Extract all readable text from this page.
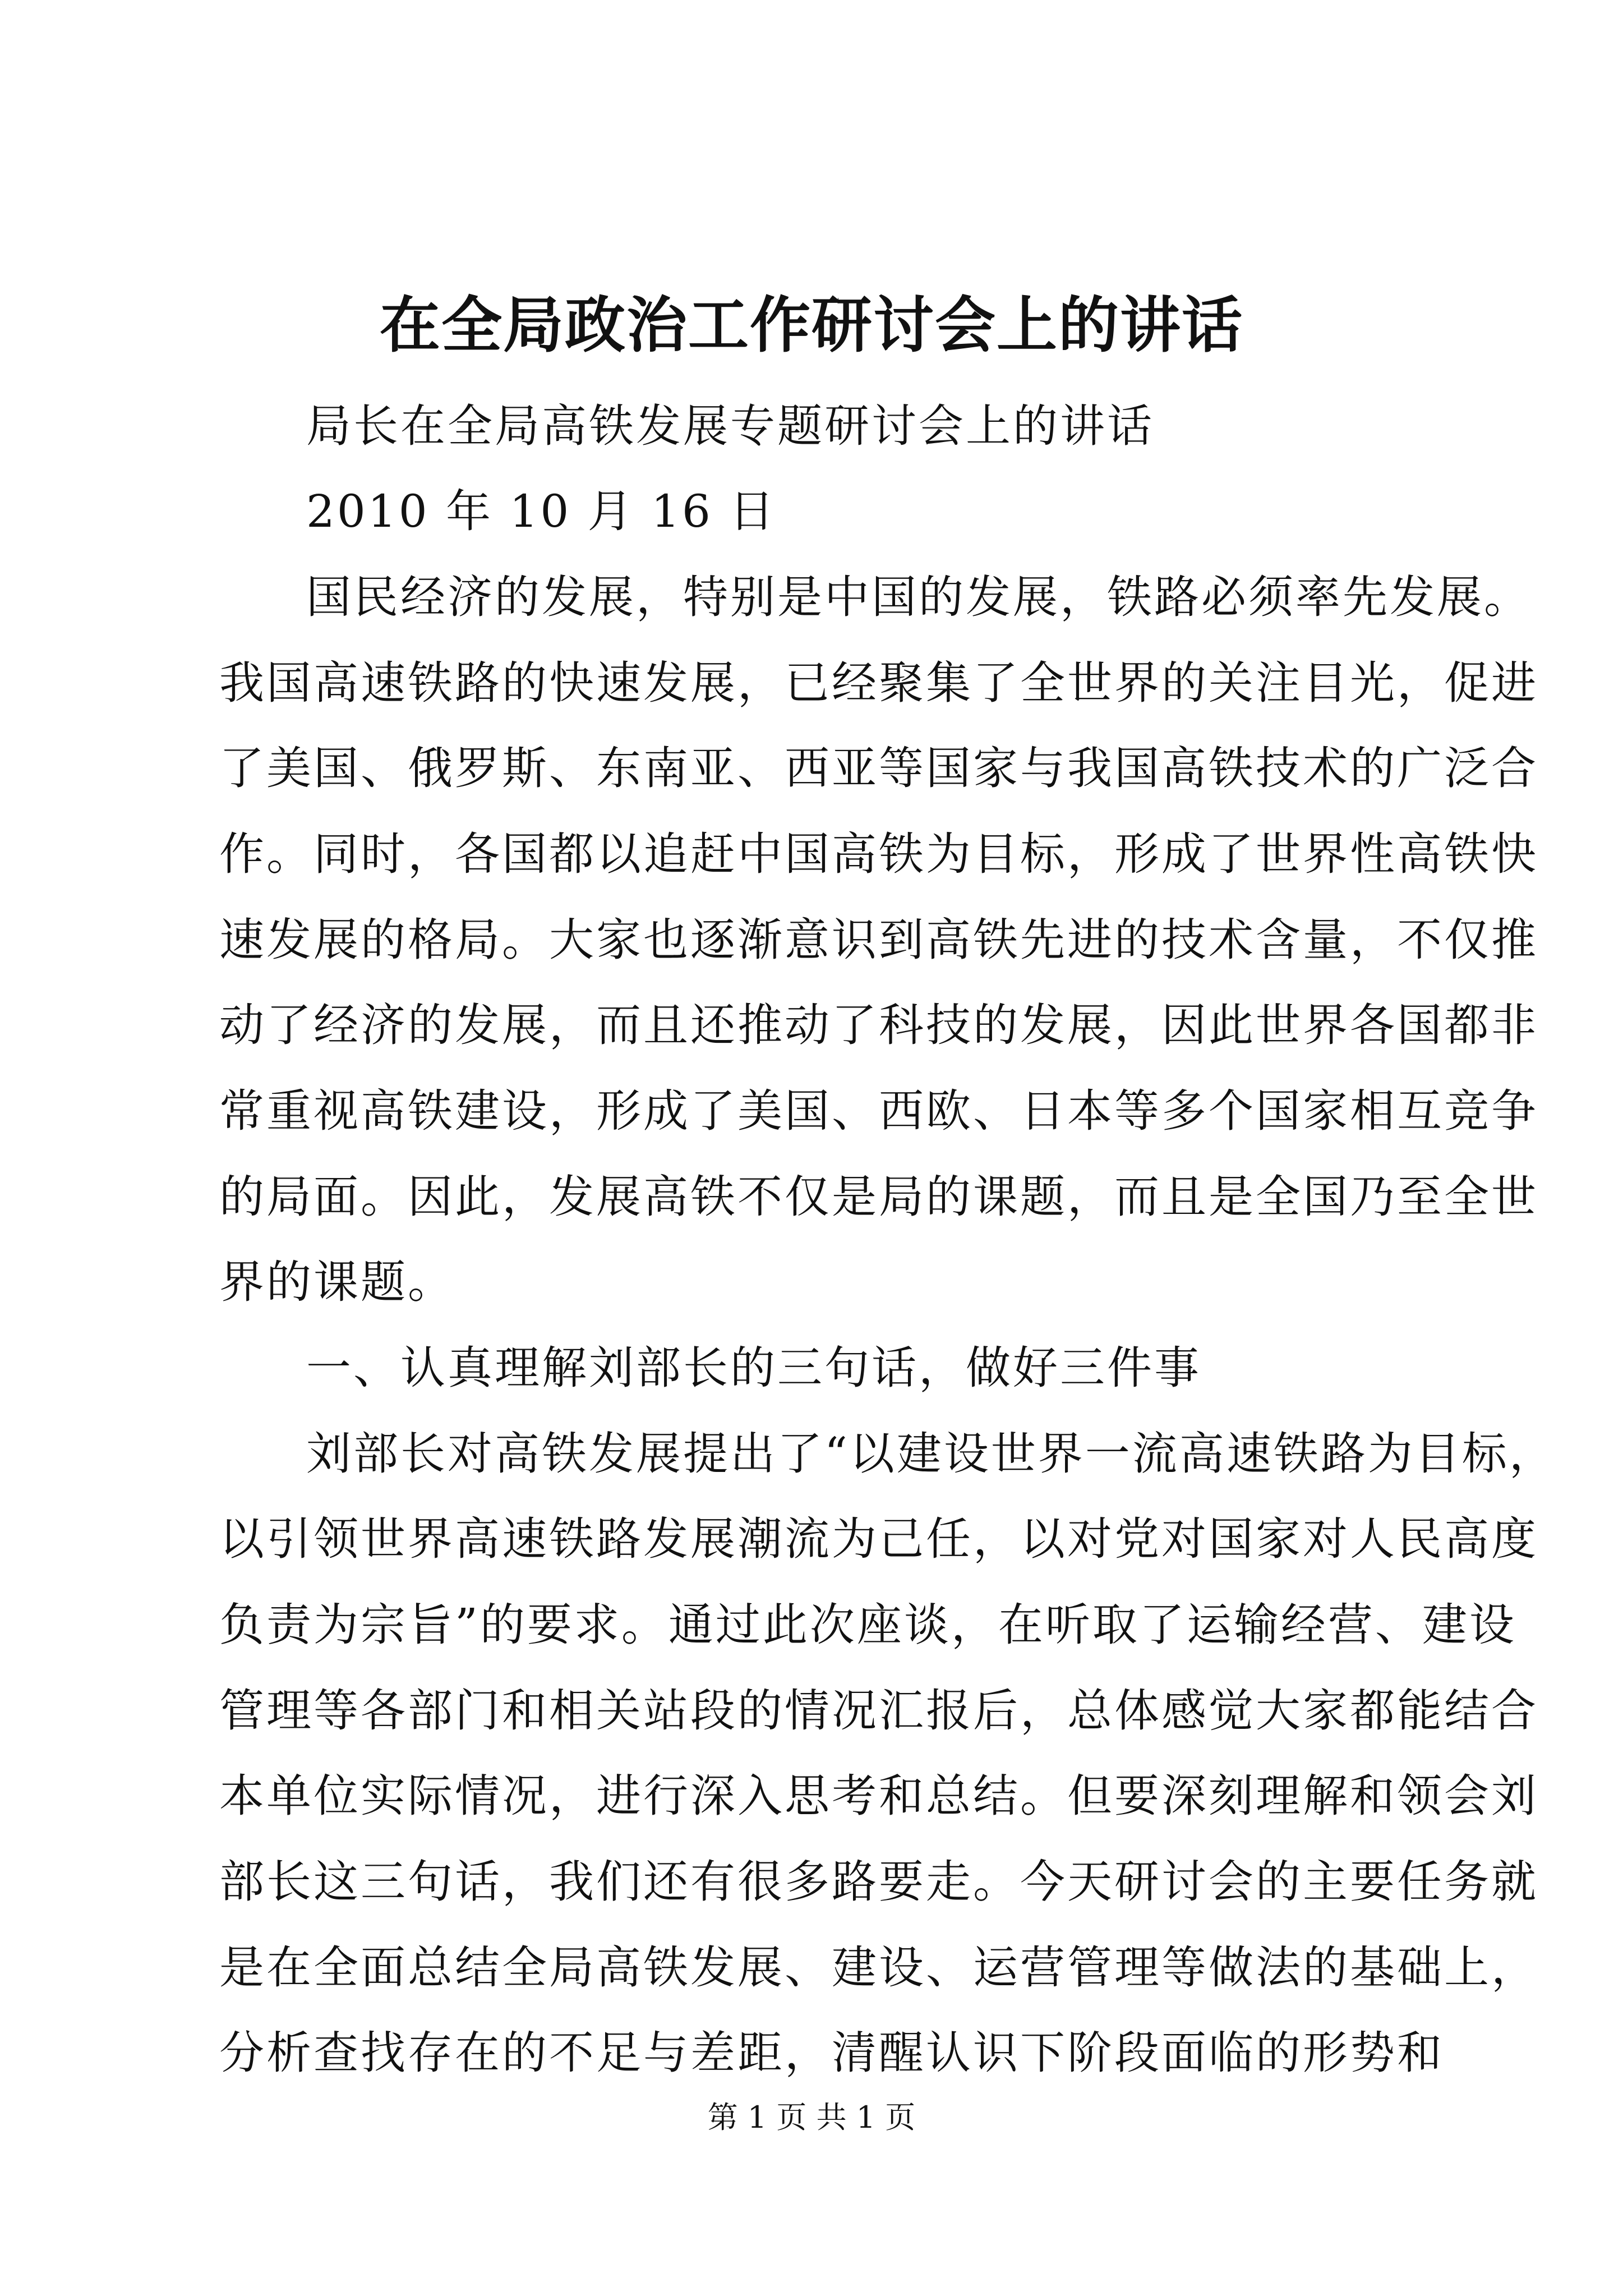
在全局政治工作研讨会上的讲话
局长在全局高铁发展专题研讨会上的讲话
2010 年 10 月 16 日
国民经济的发展，特别是中国的发展，铁路必须率先发展。
我国高速铁路的快速发展，已经聚集了全世界的关注目光，促进
了美国、俄罗斯、东南亚、西亚等国家与我国高铁技术的广泛合
作。同时，各国都以追赶中国高铁为目标，形成了世界性高铁快
速发展的格局。大家也逐渐意识到高铁先进的技术含量，不仅推
动了经济的发展，而且还推动了科技的发展，因此世界各国都非
常重视高铁建设，形成了美国、西欧、日本等多个国家相互竞争
的局面。因此，发展高铁不仅是局的课题，而且是全国乃至全世
界的课题。
一、认真理解刘部长的三句话，做好三件事
刘部长对高铁发展提出了“以建设世界一流高速铁路为目标，
以引领世界高速铁路发展潮流为己任，以对党对国家对人民高度
负责为宗旨”的要求。通过此次座谈，在听取了运输经营、建设
管理等各部门和相关站段的情况汇报后，总体感觉大家都能结合
本单位实际情况，进行深入思考和总结。但要深刻理解和领会刘
部长这三句话，我们还有很多路要走。今天研讨会的主要任务就
是在全面总结全局高铁发展、建设、运营管理等做法的基础上，
分析查找存在的不足与差距，清醒认识下阶段面临的形势和
第 1 页 共 1 页
